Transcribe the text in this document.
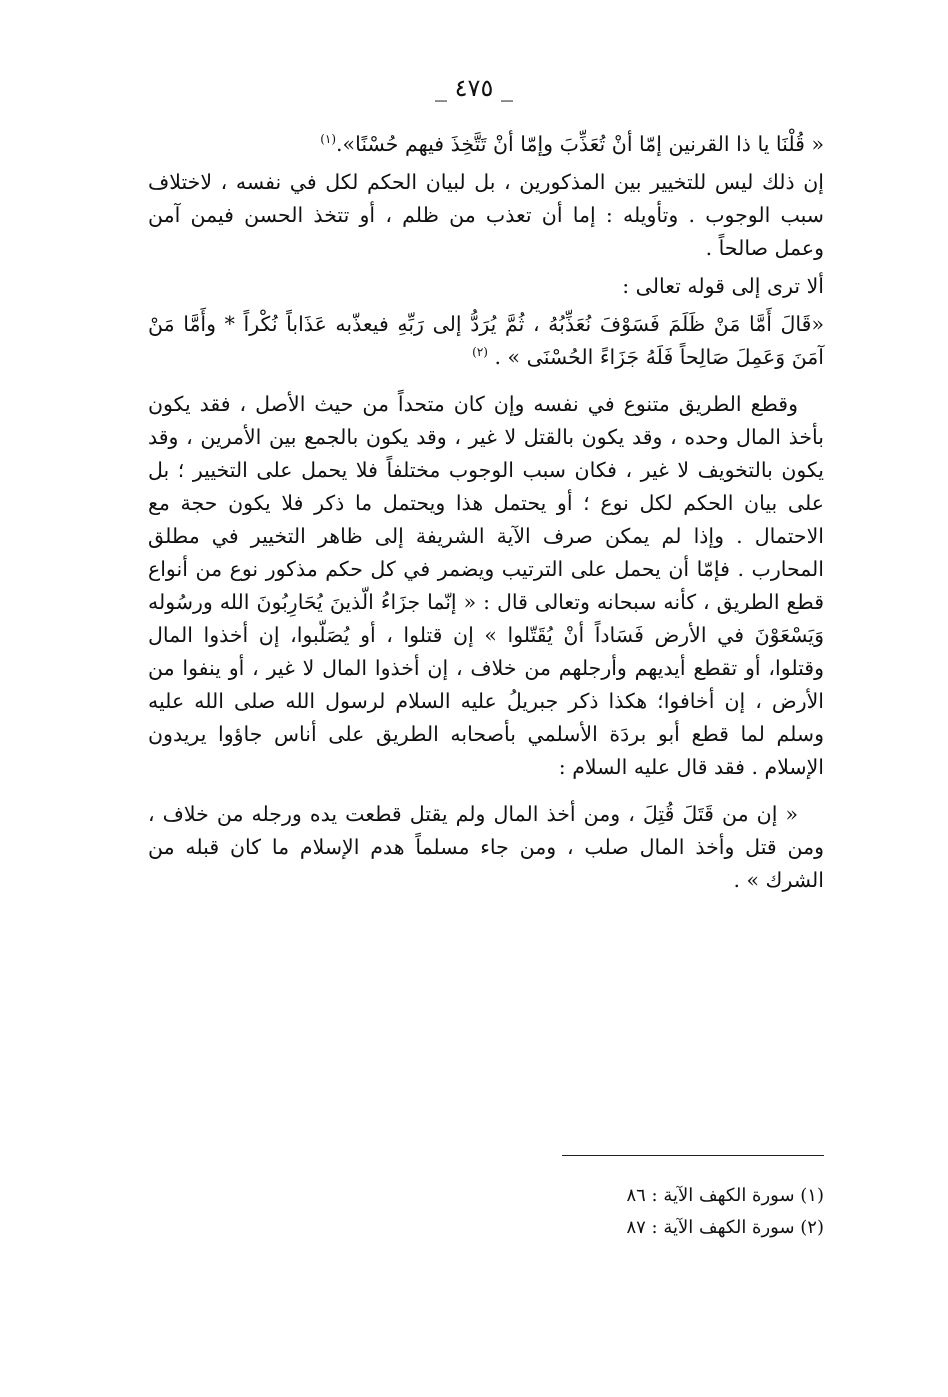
_ ٤٧٥ _

« قُلْنَا يا ذا القرنين إمّا أنْ تُعَذِّبَ وإمّا أنْ تَتَّخِذَ فيهم حُسْنًا».$^{(١)}$

إن ذلك ليس للتخيير بين المذكورين ، بل لبيان الحكم لكل في نفسه ، لاختلاف سبب الوجوب . وتأويله : إما أن تعذب من ظلم ، أو تتخذ الحسن فيمن آمن وعمل صالحاً .

ألا ترى إلى قوله تعالى :

«قَالَ أَمَّا مَنْ ظَلَمَ فَسَوْفَ نُعَذِّبُهُ ، ثُمَّ يُرَدُّ إلى رَبِّهِ فيعذّبه عَذَاباً نُكْراً * وأَمَّا مَنْ آمَنَ وَعَمِلَ صَالِحاً فَلَهُ جَزَاءً الحُسْنَى » . $^{(٢)}$

وقطع الطريق متنوع في نفسه وإن كان متحداً من حيث الأصل ، فقد يكون بأخذ المال وحده ، وقد يكون بالقتل لا غير ، وقد يكون بالجمع بين الأمرين ، وقد يكون بالتخويف لا غير ، فكان سبب الوجوب مختلفاً فلا يحمل على التخيير ؛ بل على بيان الحكم لكل نوع ؛ أو يحتمل هذا ويحتمل ما ذكر فلا يكون حجة مع الاحتمال . وإذا لم يمكن صرف الآية الشريفة إلى ظاهر التخيير في مطلق المحارب . فإمّا أن يحمل على الترتيب ويضمر في كل حكم مذكور نوع من أنواع قطع الطريق ، كأنه سبحانه وتعالى قال : « إنّما جزَاءُ الّذينَ يُحَارِبُونَ الله ورسُوله وَيَسْعَوْنَ في الأرض فَسَاداً أنْ يُقَتّلوا » إن قتلوا ، أو يُصَلّبوا، إن أخذوا المال وقتلوا، أو تقطع أيديهم وأرجلهم من خلاف ، إن أخذوا المال لا غير ، أو ينفوا من الأرض ، إن أخافوا؛ هكذا ذكر جبريلُ عليه السلام لرسول الله صلى الله عليه وسلم لما قطع أبو بردَة الأسلمي بأصحابه الطريق على أناس جاؤوا يريدون الإسلام . فقد قال عليه السلام :

« إن من قَتَلَ قُتِلَ ، ومن أخذ المال ولم يقتل قطعت يده ورجله من خلاف ، ومن قتل وأخذ المال صلب ، ومن جاء مسلماً هدم الإسلام ما كان قبله من الشرك » .

(١) سورة الكهف الآية : ٨٦
(٢) سورة الكهف الآية : ٨٧
